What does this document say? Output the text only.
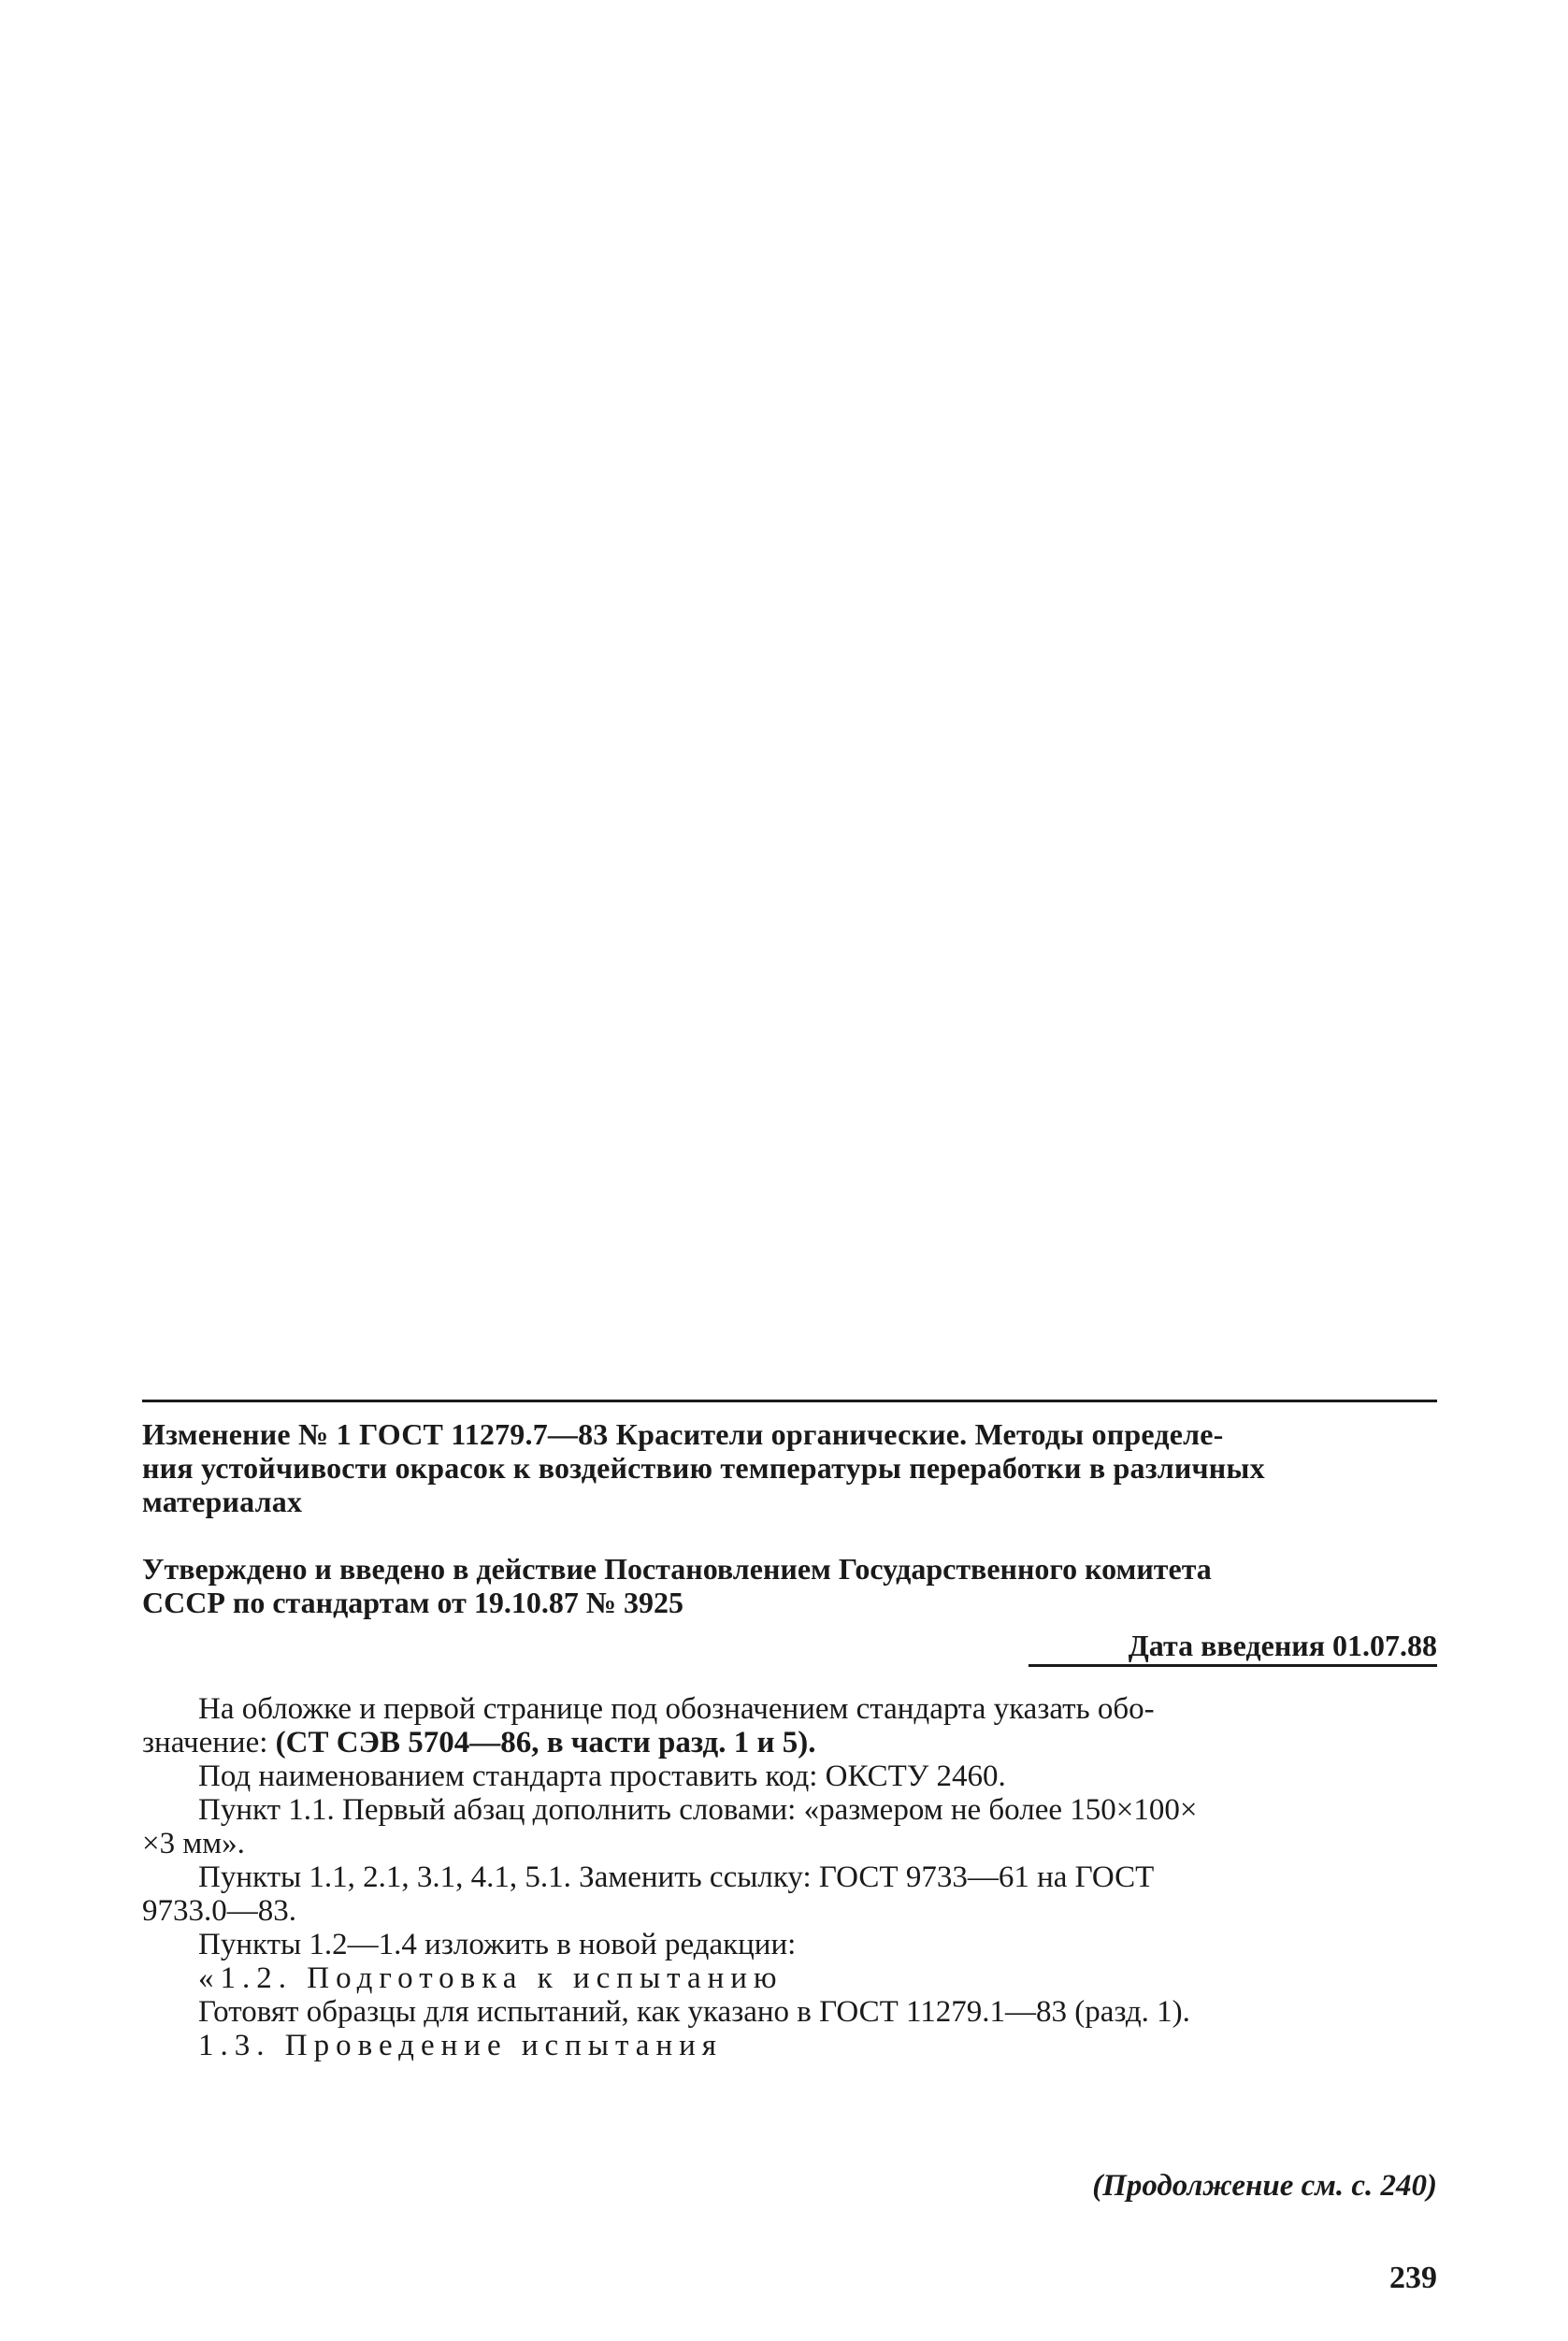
Изменение № 1 ГОСТ 11279.7—83 Красители органические. Методы определе-
ния устойчивости окрасок к воздействию температуры переработки в различных
материалах
Утверждено и введено в действие Постановлением Государственного комитета
СССР по стандартам от 19.10.87 № 3925
Дата введения 01.07.88
На обложке и первой странице под обозначением стандарта указать обо-
значение: (СТ СЭВ 5704—86, в части разд. 1 и 5).
Под наименованием стандарта проставить код: ОКСТУ 2460.
Пункт 1.1. Первый абзац дополнить словами: «размером не более 150×100×
×3 мм».
Пункты 1.1, 2.1, 3.1, 4.1, 5.1. Заменить ссылку: ГОСТ 9733—61 на ГОСТ
9733.0—83.
Пункты 1.2—1.4 изложить в новой редакции:
«1.2. Подготовка к испытанию
Готовят образцы для испытаний, как указано в ГОСТ 11279.1—83 (разд. 1).
1.3. Проведение испытания
(Продолжение см. с. 240)
239
